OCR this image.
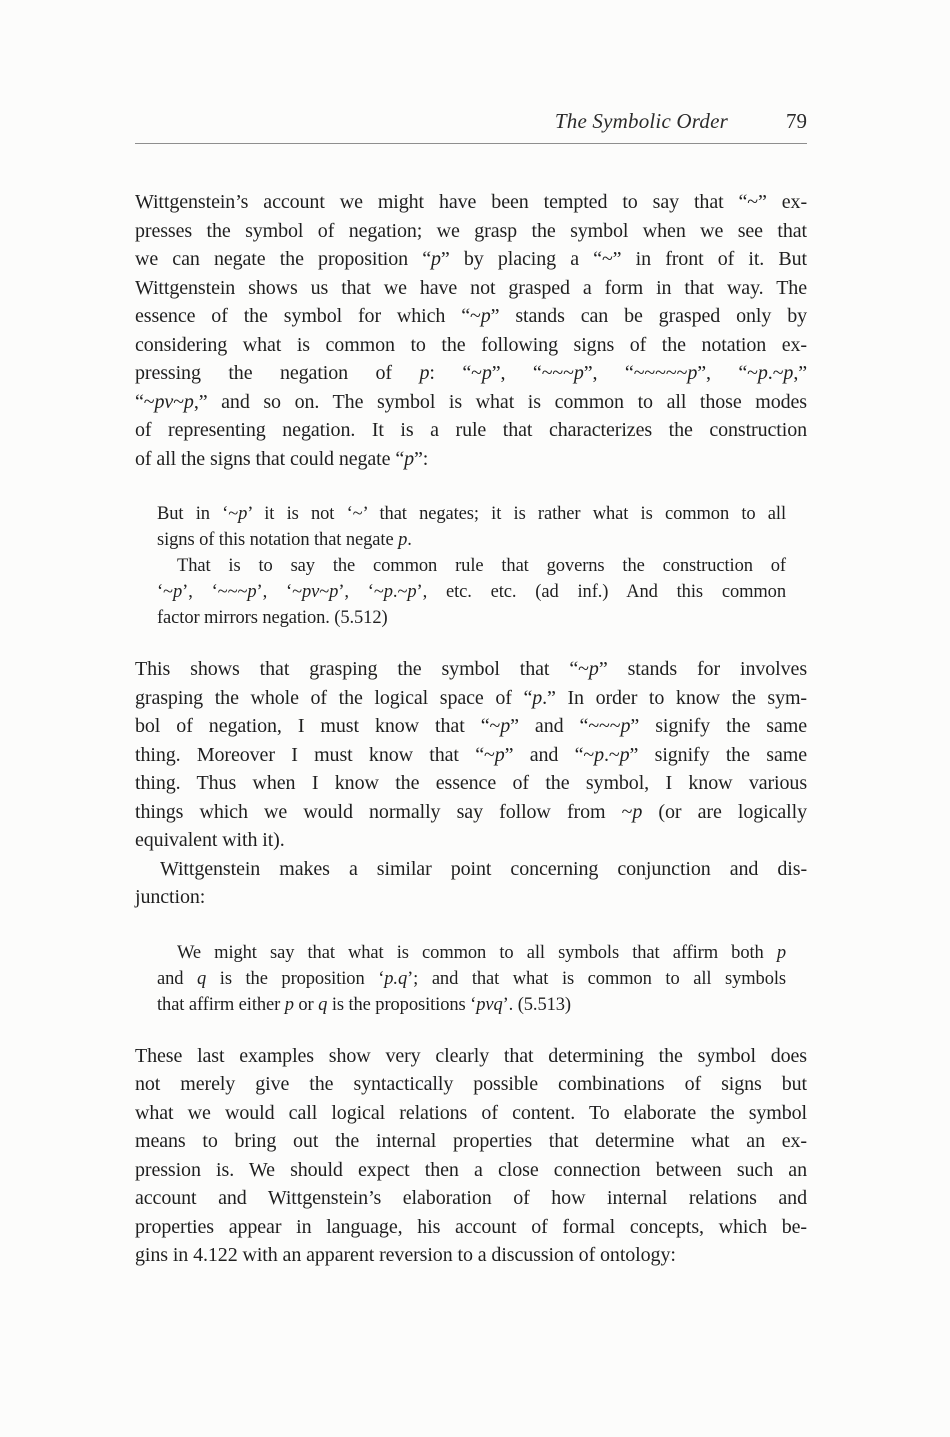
The Symbolic Order	79
Wittgenstein’s account we might have been tempted to say that “~” ex-
presses the symbol of negation; we grasp the symbol when we see that
we can negate the proposition “p” by placing a “~” in front of it. But
Wittgenstein shows us that we have not grasped a form in that way. The
essence of the symbol for which “~p” stands can be grasped only by
considering what is common to the following signs of the notation ex-
pressing the negation of p: “~p”, “~~~p”, “~~~~~p”, “~p.~p,”
“~pv~p,” and so on. The symbol is what is common to all those modes
of representing negation. It is a rule that characterizes the construction
of all the signs that could negate “p”:
But in ‘~p’ it is not ‘~’ that negates; it is rather what is common to all
signs of this notation that negate p.
That is to say the common rule that governs the construction of
‘~p’, ‘~~~p’, ‘~pv~p’, ‘~p.~p’, etc. etc. (ad inf.) And this common
factor mirrors negation. (5.512)
This shows that grasping the symbol that “~p” stands for involves
grasping the whole of the logical space of “p.” In order to know the sym-
bol of negation, I must know that “~p” and “~~~p” signify the same
thing. Moreover I must know that “~p” and “~p.~p” signify the same
thing. Thus when I know the essence of the symbol, I know various
things which we would normally say follow from ~p (or are logically
equivalent with it).
Wittgenstein makes a similar point concerning conjunction and dis-
junction:
We might say that what is common to all symbols that affirm both p
and q is the proposition ‘p.q’; and that what is common to all symbols
that affirm either p or q is the propositions ‘pvq’. (5.513)
These last examples show very clearly that determining the symbol does
not merely give the syntactically possible combinations of signs but
what we would call logical relations of content. To elaborate the symbol
means to bring out the internal properties that determine what an ex-
pression is. We should expect then a close connection between such an
account and Wittgenstein’s elaboration of how internal relations and
properties appear in language, his account of formal concepts, which be-
gins in 4.122 with an apparent reversion to a discussion of ontology:
